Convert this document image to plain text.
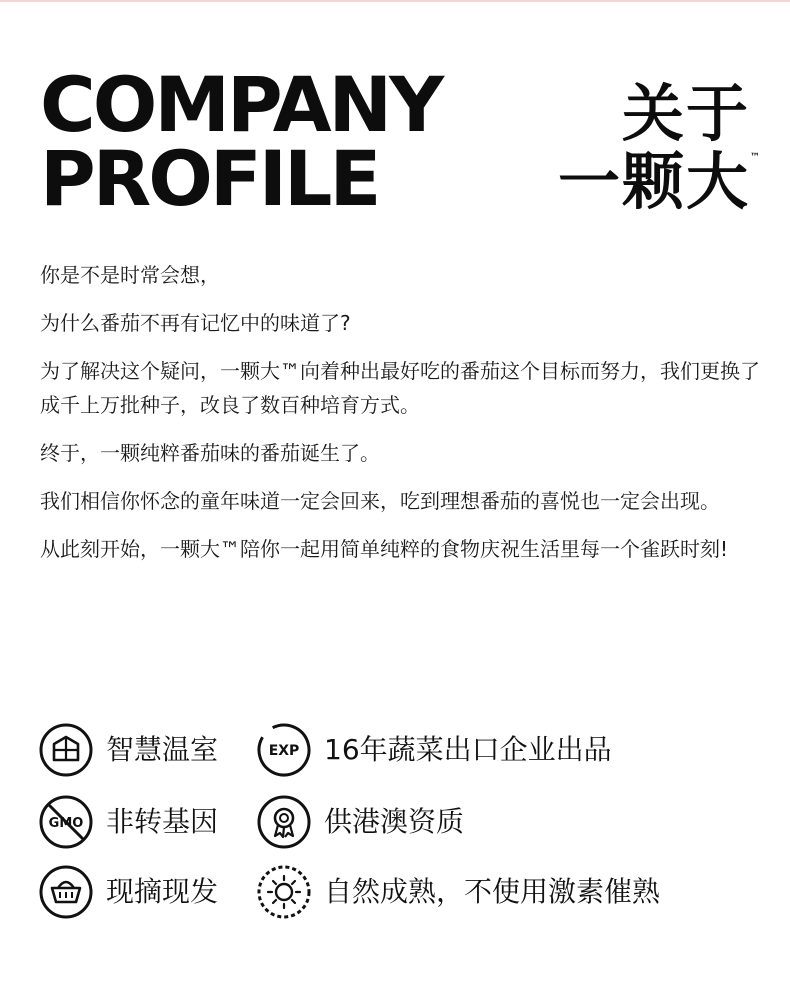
COMPANY
PROFILE
关于
一颗大 ™

你是不是时常会想，

为什么番茄不再有记忆中的味道了?

为了解决这个疑问，一颗大™向着种出最好吃的番茄这个目标而努力，我们更换了成千上万批种子，改良了数百种培育方式。

终于，一颗纯粹番茄味的番茄诞生了。

我们相信你怀念的童年味道一定会回来，吃到理想番茄的喜悦也一定会出现。

从此刻开始，一颗大™陪你一起用简单纯粹的食物庆祝生活里每一个雀跃时刻!

智慧温室	EXP 16年蔬菜出口企业出品
GMO 非转基因	供港澳资质
现摘现发	自然成熟，不使用激素催熟
